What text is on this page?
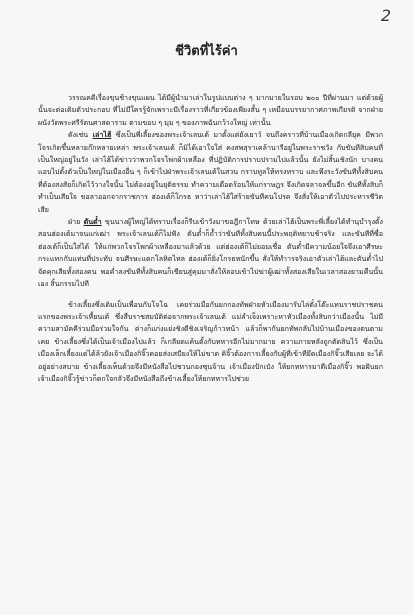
2
ชีวิตที่ไร้ค่า

วรรณคดีเรื่องขุนช้างขุนแผน ได้มีผู้นำมาเล่าในรูปแบบต่าง ๆ มากมายในรอบ ๒๐๐ ปีที่ผ่านมา แต่ด้วยผู้นั้นจะต่อเติมตัวประกอบ ที่ไม่มีใครรู้จักเพราะมีเรื่องราวที่เกี่ยวข้องเพียงสั้น ๆ เหมือนบรรยากาศภาพเกียรติ จากฝ่ายผนังวัดพระศรีรัตนศาสดาราม ตามขอบ ๆ มุม ๆ ของภาพฉันกว้างใหญ่ เท่านั้น

ดังเช่น เล่าไฮ้ ซึ่งเป็นพี่เลี้ยงของพระเจ้าเลนเต้ มาตั้งแต่ยังเยาว์ จนถึงคราวที่บ้านเมืองเกิดกลียุค มีพวกโจรเกิดขึ้นหลายก๊กหลายเหล่า พระเจ้าเลนเต้ ก็มิได้เอาใจใส่ คงสพสุราเคล้านารีอยู่ในพระราชวัง กับขันทีสิบคนที่เป็นใหญ่อยู่ในวัง เล่าไฮ้ได้ข่าวว่าพวกโจรโพกผ้าเหลือง ที่ปฏิบัติการปราบปรามไปแล้วนั้น ยังไม่สิ้นเชิงนัก บางคนแอบไปตั้งตัวเป็นใหญ่ในเมืองอื่น ๆ ก็เข้าไปฝ่าพระเจ้าเลนเต้ในสวน กราบทูลให้ทรงทราบ และพึงระวังขันทีทั้งสิบคนที่ต้องสงสัยก็เกิดไว้วางใจนั้น ไม่ต้องอยู่ในยุติธรรม ทำความเดือดร้อนให้แก่ราษฎร จึงเกิดจลาจลขึ้นอีก ขันทีทั้งสิบก็ทำเป็นเสียใจ ขอลาออกจากราชการ ฮ่องเต้ก็โกรธ หาว่าเล่าไฮ้ใส่ร้ายขันทีคนโปรด จึงสั่งให้เอาตัวไปประหารชีวิตเสีย

ฝ่าย ตันต๋ำ ขุนนางผู้ใหญ่ได้ทราบเรื่องก็รีบเข้าวังมาขอฎีกาโทษ ด้วยเล่าไฮ้เป็นพระพี่เลี้ยงได้ทำนุบำรุงตั้งสอนฮ่องเต้มาจนแก่เฒ่า พระเจ้าเลนเต้ก็ไม่ฟัง ตันต๋ำก็ถ้ำว่าขันทีทั้งสิบคนนี้ประพฤติหยาบช้าจริง และขันทีที่ซื่อฮ่องเต้ก็เป็นใส่ได้ ให้แก่พวกโจรโพกผ้าเหลืองมาแล้วด้วย แต่ฮ่องเต้ก็ไม่ยอมเชื่อ ตันต๋ำมีความน้อยใจจึงเอาศีรษะกระแทกกับแท่นที่ประทับ จนศีรษะแตกโลหิตไหล ฮ่องเต้ก็ยิ่งโกรธหนักขึ้น สั่งให้ทำารจริงเอาตัวเล่าไฮ้และตันต๋ำไปจัดคุกเสียทั้งสองคน พอค่ำลงขันทีทั้งสิบคนก็เขียนสู่คุมมาสั่งให้ลอบเข้าไปฆ่าผู้เฒ่าทั้งสองเสียในเวลาสองยามคืนนั้นเอง สิ้นกรรมไปที

ข้างเลี้ยงซึ่งเดิมเป็นเพื่อนกับโจโฉ เคยร่วมมือกันยกกองทัพฝ่ายหัวเมืองมารับไล่ตั๋งโต๊ะแทนราชปราชคนแรกของพระเจ้าเหี้ยนเต้ ซึ่งสืบราชสมบัติต่อจากพระเจ้าเลนเต้ แม่ลำเจ็งเพราะหาหัวเมืองทั้งสิบกว่าเมืองนั้น ไม่มีความสามัคคีร่วมมือร่วมใจกัน ต่างก็แก่งแย่งชิงดีชิงเจริญก้าวหน้า แล้วก็พากันยกทัพกลับไปบ้านเมืองของตนตามเคย ข้างเลี้ยงซึ่งได้เป็นเจ้าเมืองไปแล้ว ก็เกลียดแค้นตั้งกับทหารอีกไม่มากมาย ความภายหลังถูกตัดสินไว้ ซึ่งเป็นเมืองเล็กเลี้ยงแต่ได้ล้วยังเจ้าเมืองกิจิ๊วคอยส่งเสบียงให้ไม่ขาด คิจิ๊วต้องการเลี้ยงกับผู้ที่เข้าทียึดเมืองกิจิ๊วเสียเลย จะได้อยู่อย่างสบาย ข้างเลี้ยงเห็นด้วยจึงมีหนังสือไปชวนกองซุนจ้าน เจ้าเมืองปักเป๋ง ให้ยกทหารมาตีเมืองกิจิ๊ว พอฝันยกเจ้าเมืองกิจิ๊วรู้ข่าวก็ตกใจกลัวจึงมีหนังสือถึงข้างเลี้ยงให้ยกทหารไปช่วย
